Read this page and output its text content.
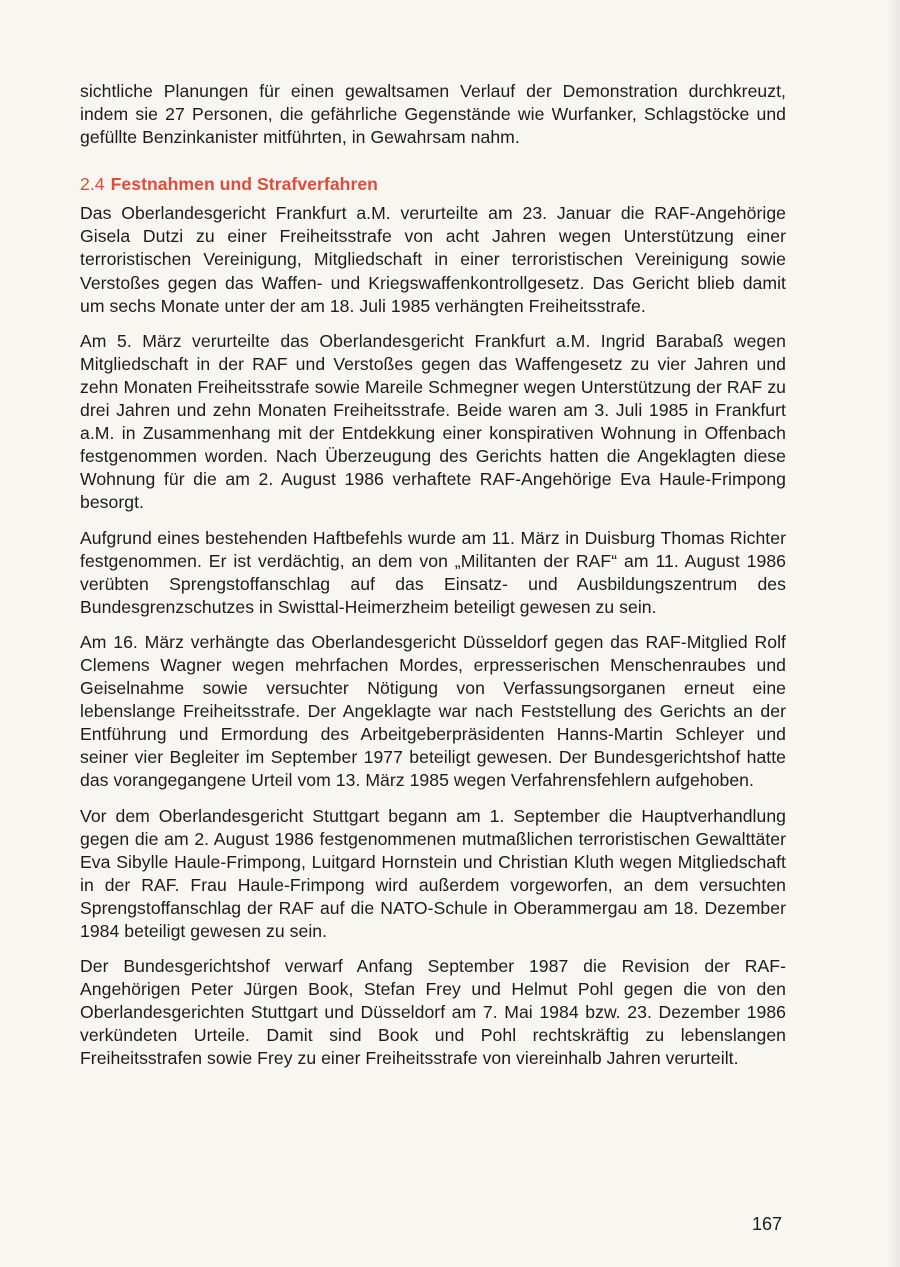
sichtliche Planungen für einen gewaltsamen Verlauf der Demonstration durchkreuzt, indem sie 27 Personen, die gefährliche Gegenstände wie Wurfanker, Schlagstöcke und gefüllte Benzinkanister mitführten, in Gewahrsam nahm.

2.4 Festnahmen und Strafverfahren

Das Oberlandesgericht Frankfurt a.M. verurteilte am 23. Januar die RAF-Angehörige Gisela Dutzi zu einer Freiheitsstrafe von acht Jahren wegen Unterstützung einer terroristischen Vereinigung, Mitgliedschaft in einer terroristischen Vereinigung sowie Verstoßes gegen das Waffen- und Kriegswaffenkontrollgesetz. Das Gericht blieb damit um sechs Monate unter der am 18. Juli 1985 verhängten Freiheitsstrafe.

Am 5. März verurteilte das Oberlandesgericht Frankfurt a.M. Ingrid Barabaß wegen Mitgliedschaft in der RAF und Verstoßes gegen das Waffengesetz zu vier Jahren und zehn Monaten Freiheitsstrafe sowie Mareile Schmegner wegen Unterstützung der RAF zu drei Jahren und zehn Monaten Freiheitsstrafe. Beide waren am 3. Juli 1985 in Frankfurt a.M. in Zusammenhang mit der Entdekkung einer konspirativen Wohnung in Offenbach festgenommen worden. Nach Überzeugung des Gerichts hatten die Angeklagten diese Wohnung für die am 2. August 1986 verhaftete RAF-Angehörige Eva Haule-Frimpong besorgt.

Aufgrund eines bestehenden Haftbefehls wurde am 11. März in Duisburg Thomas Richter festgenommen. Er ist verdächtig, an dem von „Militanten der RAF“ am 11. August 1986 verübten Sprengstoffanschlag auf das Einsatz- und Ausbildungszentrum des Bundesgrenzschutzes in Swisttal-Heimerzheim beteiligt gewesen zu sein.

Am 16. März verhängte das Oberlandesgericht Düsseldorf gegen das RAF-Mitglied Rolf Clemens Wagner wegen mehrfachen Mordes, erpresserischen Menschenraubes und Geiselnahme sowie versuchter Nötigung von Verfassungsorganen erneut eine lebenslange Freiheitsstrafe. Der Angeklagte war nach Feststellung des Gerichts an der Entführung und Ermordung des Arbeitgeberpräsidenten Hanns-Martin Schleyer und seiner vier Begleiter im September 1977 beteiligt gewesen. Der Bundesgerichtshof hatte das vorangegangene Urteil vom 13. März 1985 wegen Verfahrensfehlern aufgehoben.

Vor dem Oberlandesgericht Stuttgart begann am 1. September die Hauptverhandlung gegen die am 2. August 1986 festgenommenen mutmaßlichen terroristischen Gewalttäter Eva Sibylle Haule-Frimpong, Luitgard Hornstein und Christian Kluth wegen Mitgliedschaft in der RAF. Frau Haule-Frimpong wird außerdem vorgeworfen, an dem versuchten Sprengstoffanschlag der RAF auf die NATO-Schule in Oberammergau am 18. Dezember 1984 beteiligt gewesen zu sein.

Der Bundesgerichtshof verwarf Anfang September 1987 die Revision der RAF-Angehörigen Peter Jürgen Book, Stefan Frey und Helmut Pohl gegen die von den Oberlandesgerichten Stuttgart und Düsseldorf am 7. Mai 1984 bzw. 23. Dezember 1986 verkündeten Urteile. Damit sind Book und Pohl rechtskräftig zu lebenslangen Freiheitsstrafen sowie Frey zu einer Freiheitsstrafe von viereinhalb Jahren verurteilt.

167
